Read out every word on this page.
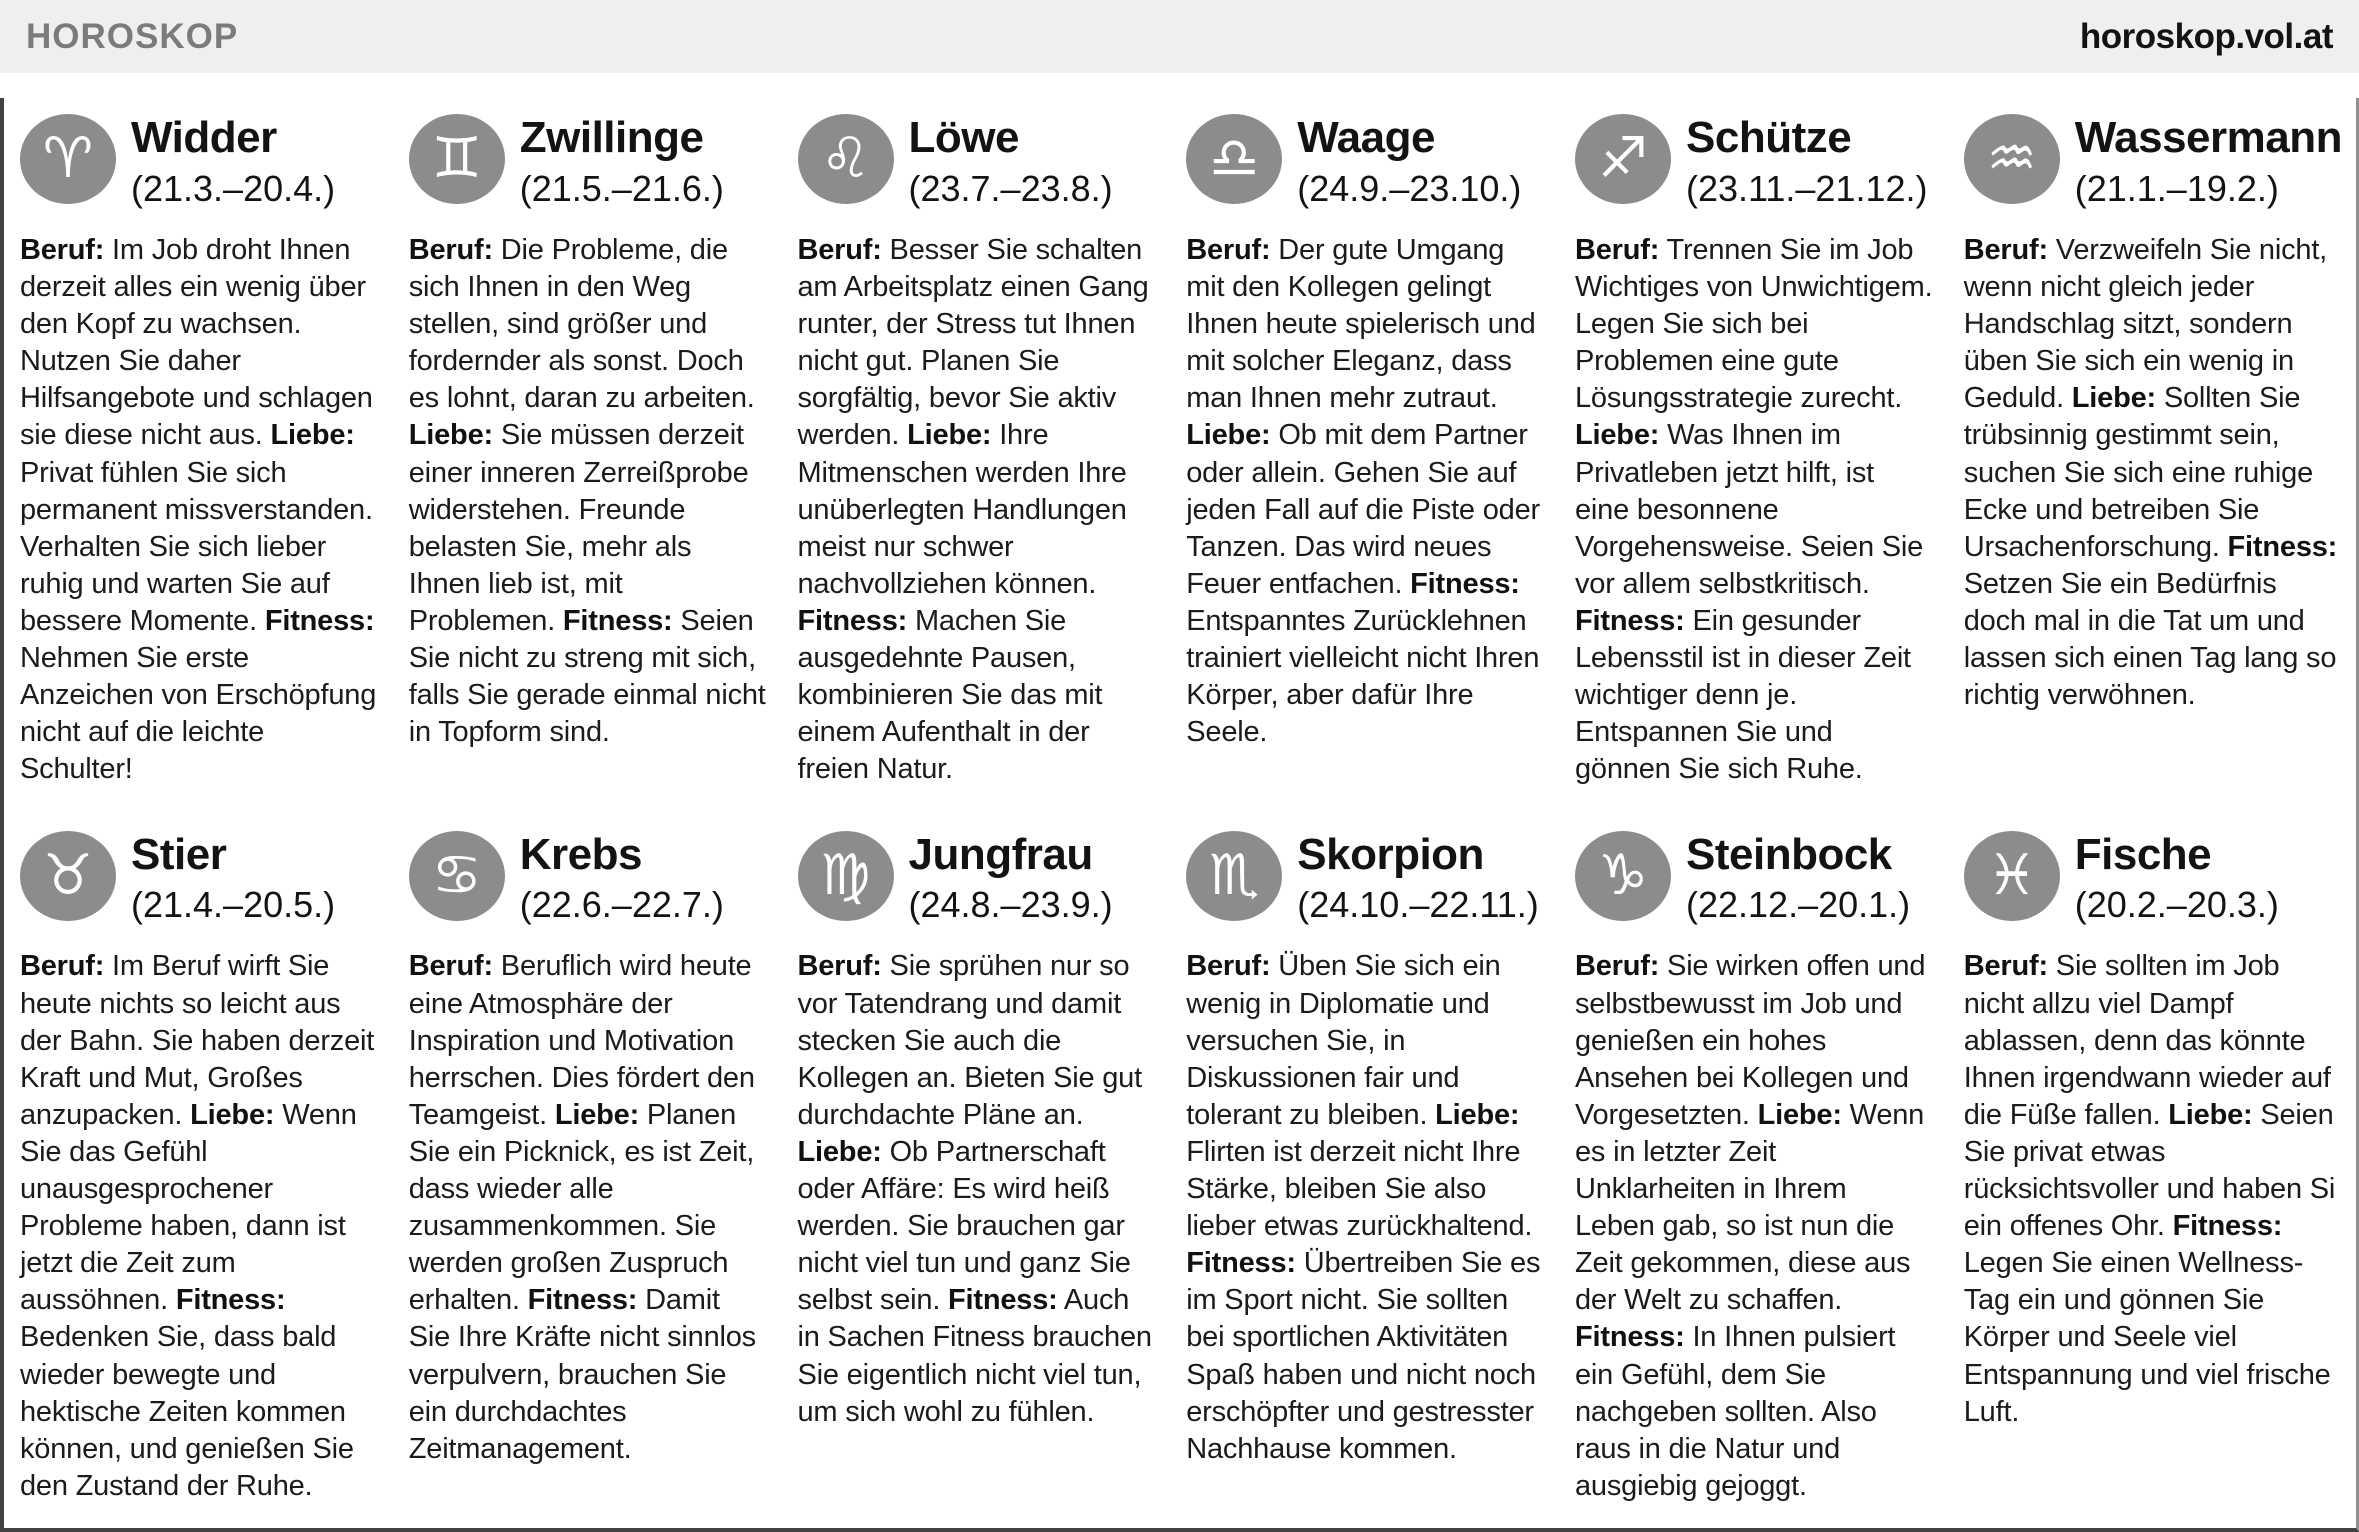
HOROSKOP	horoskop.vol.at
♈ Widder
(21.3.–20.4.)

Beruf: Im Job droht Ihnen derzeit alles ein wenig über den Kopf zu wachsen. Nutzen Sie daher Hilfsangebote und schlagen sie diese nicht aus. Liebe: Privat fühlen Sie sich permanent missverstanden. Verhalten Sie sich lieber ruhig und warten Sie auf bessere Momente. Fitness: Nehmen Sie erste Anzeichen von Erschöpfung nicht auf die leichte Schulter!

♊ Zwillinge
(21.5.–21.6.)

Beruf: Die Probleme, die sich Ihnen in den Weg stellen, sind größer und fordernder als sonst. Doch es lohnt, daran zu arbeiten. Liebe: Sie müssen derzeit einer inneren Zerreißprobe widerstehen. Freunde belasten Sie, mehr als Ihnen lieb ist, mit Problemen. Fitness: Seien Sie nicht zu streng mit sich, falls Sie gerade einmal nicht in Topform sind.

♌ Löwe
(23.7.–23.8.)

Beruf: Besser Sie schalten am Arbeitsplatz einen Gang runter, der Stress tut Ihnen nicht gut. Planen Sie sorgfältig, bevor Sie aktiv werden. Liebe: Ihre Mitmenschen werden Ihre unüberlegten Handlungen meist nur schwer nachvollziehen können. Fitness: Machen Sie ausgedehnte Pausen, kombinieren Sie das mit einem Aufenthalt in der freien Natur.

♎ Waage
(24.9.–23.10.)

Beruf: Der gute Umgang mit den Kollegen gelingt Ihnen heute spielerisch und mit solcher Eleganz, dass man Ihnen mehr zutraut. Liebe: Ob mit dem Partner oder allein. Gehen Sie auf jeden Fall auf die Piste oder Tanzen. Das wird neues Feuer entfachen. Fitness: Entspanntes Zurücklehnen trainiert vielleicht nicht Ihren Körper, aber dafür Ihre Seele.

♐ Schütze
(23.11.–21.12.)

Beruf: Trennen Sie im Job Wichtiges von Unwichtigem. Legen Sie sich bei Problemen eine gute Lösungsstrategie zurecht. Liebe: Was Ihnen im Privatleben jetzt hilft, ist eine besonnene Vorgehensweise. Seien Sie vor allem selbstkritisch. Fitness: Ein gesunder Lebensstil ist in dieser Zeit wichtiger denn je. Entspannen Sie und gönnen Sie sich Ruhe.

♒ Wassermann
(21.1.–19.2.)

Beruf: Verzweifeln Sie nicht, wenn nicht gleich jeder Handschlag sitzt, sondern üben Sie sich ein wenig in Geduld. Liebe: Sollten Sie trübsinnig gestimmt sein, suchen Sie sich eine ruhige Ecke und betreiben Sie Ursachenforschung. Fitness: Setzen Sie ein Bedürfnis doch mal in die Tat um und lassen sich einen Tag lang so richtig verwöhnen.

♉ Stier
(21.4.–20.5.)

Beruf: Im Beruf wirft Sie heute nichts so leicht aus der Bahn. Sie haben derzeit Kraft und Mut, Großes anzupacken. Liebe: Wenn Sie das Gefühl unausgesprochener Probleme haben, dann ist jetzt die Zeit zum aussöhnen. Fitness: Bedenken Sie, dass bald wieder bewegte und hektische Zeiten kommen können, und genießen Sie den Zustand der Ruhe.

♋ Krebs
(22.6.–22.7.)

Beruf: Beruflich wird heute eine Atmosphäre der Inspiration und Motivation herrschen. Dies fördert den Teamgeist. Liebe: Planen Sie ein Picknick, es ist Zeit, dass wieder alle zusammenkommen. Sie werden großen Zuspruch erhalten. Fitness: Damit Sie Ihre Kräfte nicht sinnlos verpulvern, brauchen Sie ein durchdachtes Zeitmanagement.

♍ Jungfrau
(24.8.–23.9.)

Beruf: Sie sprühen nur so vor Tatendrang und damit stecken Sie auch die Kollegen an. Bieten Sie gut durchdachte Pläne an. Liebe: Ob Partnerschaft oder Affäre: Es wird heiß werden. Sie brauchen gar nicht viel tun und ganz Sie selbst sein. Fitness: Auch in Sachen Fitness brauchen Sie eigentlich nicht viel tun, um sich wohl zu fühlen.

♏ Skorpion
(24.10.–22.11.)

Beruf: Üben Sie sich ein wenig in Diplomatie und versuchen Sie, in Diskussionen fair und tolerant zu bleiben. Liebe: Flirten ist derzeit nicht Ihre Stärke, bleiben Sie also lieber etwas zurückhaltend. Fitness: Übertreiben Sie es im Sport nicht. Sie sollten bei sportlichen Aktivitäten Spaß haben und nicht noch erschöpfter und gestresster Nachhause kommen.

♑ Steinbock
(22.12.–20.1.)

Beruf: Sie wirken offen und selbstbewusst im Job und genießen ein hohes Ansehen bei Kollegen und Vorgesetzten. Liebe: Wenn es in letzter Zeit Unklarheiten in Ihrem Leben gab, so ist nun die Zeit gekommen, diese aus der Welt zu schaffen. Fitness: In Ihnen pulsiert ein Gefühl, dem Sie nachgeben sollten. Also raus in die Natur und ausgiebig gejoggt.

♓ Fische
(20.2.–20.3.)

Beruf: Sie sollten im Job nicht allzu viel Dampf ablassen, denn das könnte Ihnen irgendwann wieder auf die Füße fallen. Liebe: Seien Sie privat etwas rücksichtsvoller und haben Si ein offenes Ohr. Fitness: Legen Sie einen Wellness-Tag ein und gönnen Sie Körper und Seele viel Entspannung und viel frische Luft.
